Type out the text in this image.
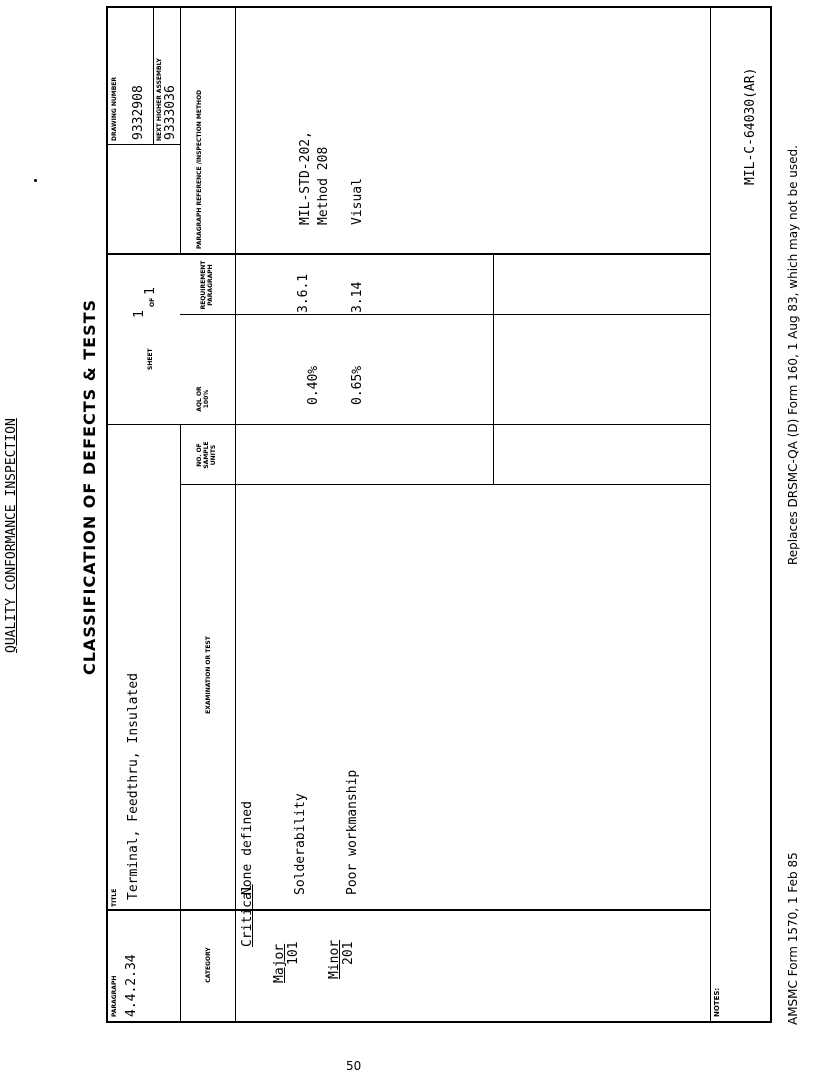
QUALITY CONFORMANCE INSPECTION
MIL-C-64030(AR)
CLASSIFICATION OF DEFECTS & TESTS
PARAGRAPH 4.4.2.34
TITLE Terminal, Feedthru, Insulated
SHEET
1
OF
1
DRAWING NUMBER 9332908 NEXT HIGHER ASSEMBLY 9333036
CATEGORY
EXAMINATION OR TEST
NO. OF SAMPLE UNITS
AQL OR 100%
REQUIREMENT PARAGRAPH
PARAGRAPH REFERENCE /INSPECTION METHOD
Critical
None defined
Major 101
Solderability
0.40%
3.6.1
MIL-STD-202, Method 208
Minor 201
Poor workmanship
0.65%
3.14
Visual
NOTES:	AMSMC Form 1570, 1 Feb 85
Replaces DRSMC-QA (D) Form 160, 1 Aug 83, which may not be used.
50
